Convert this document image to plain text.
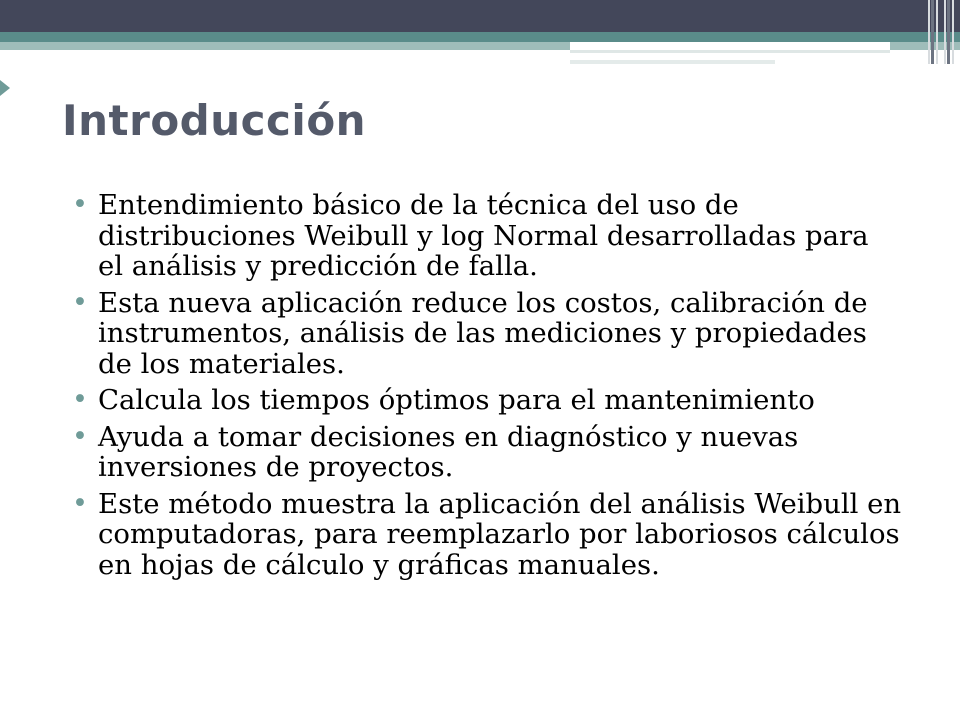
Introducción
• Entendimiento básico de la técnica del uso de distribuciones Weibull y log Normal desarrolladas para el análisis y predicción de falla.
• Esta nueva aplicación reduce los costos, calibración de instrumentos, análisis de las mediciones y propiedades de los materiales.
• Calcula los tiempos óptimos para el mantenimiento
• Ayuda a tomar decisiones en diagnóstico y nuevas inversiones de proyectos.
• Este método muestra la aplicación del análisis Weibull en computadoras, para reemplazarlo por laboriosos cálculos en hojas de cálculo y gráficas manuales.
